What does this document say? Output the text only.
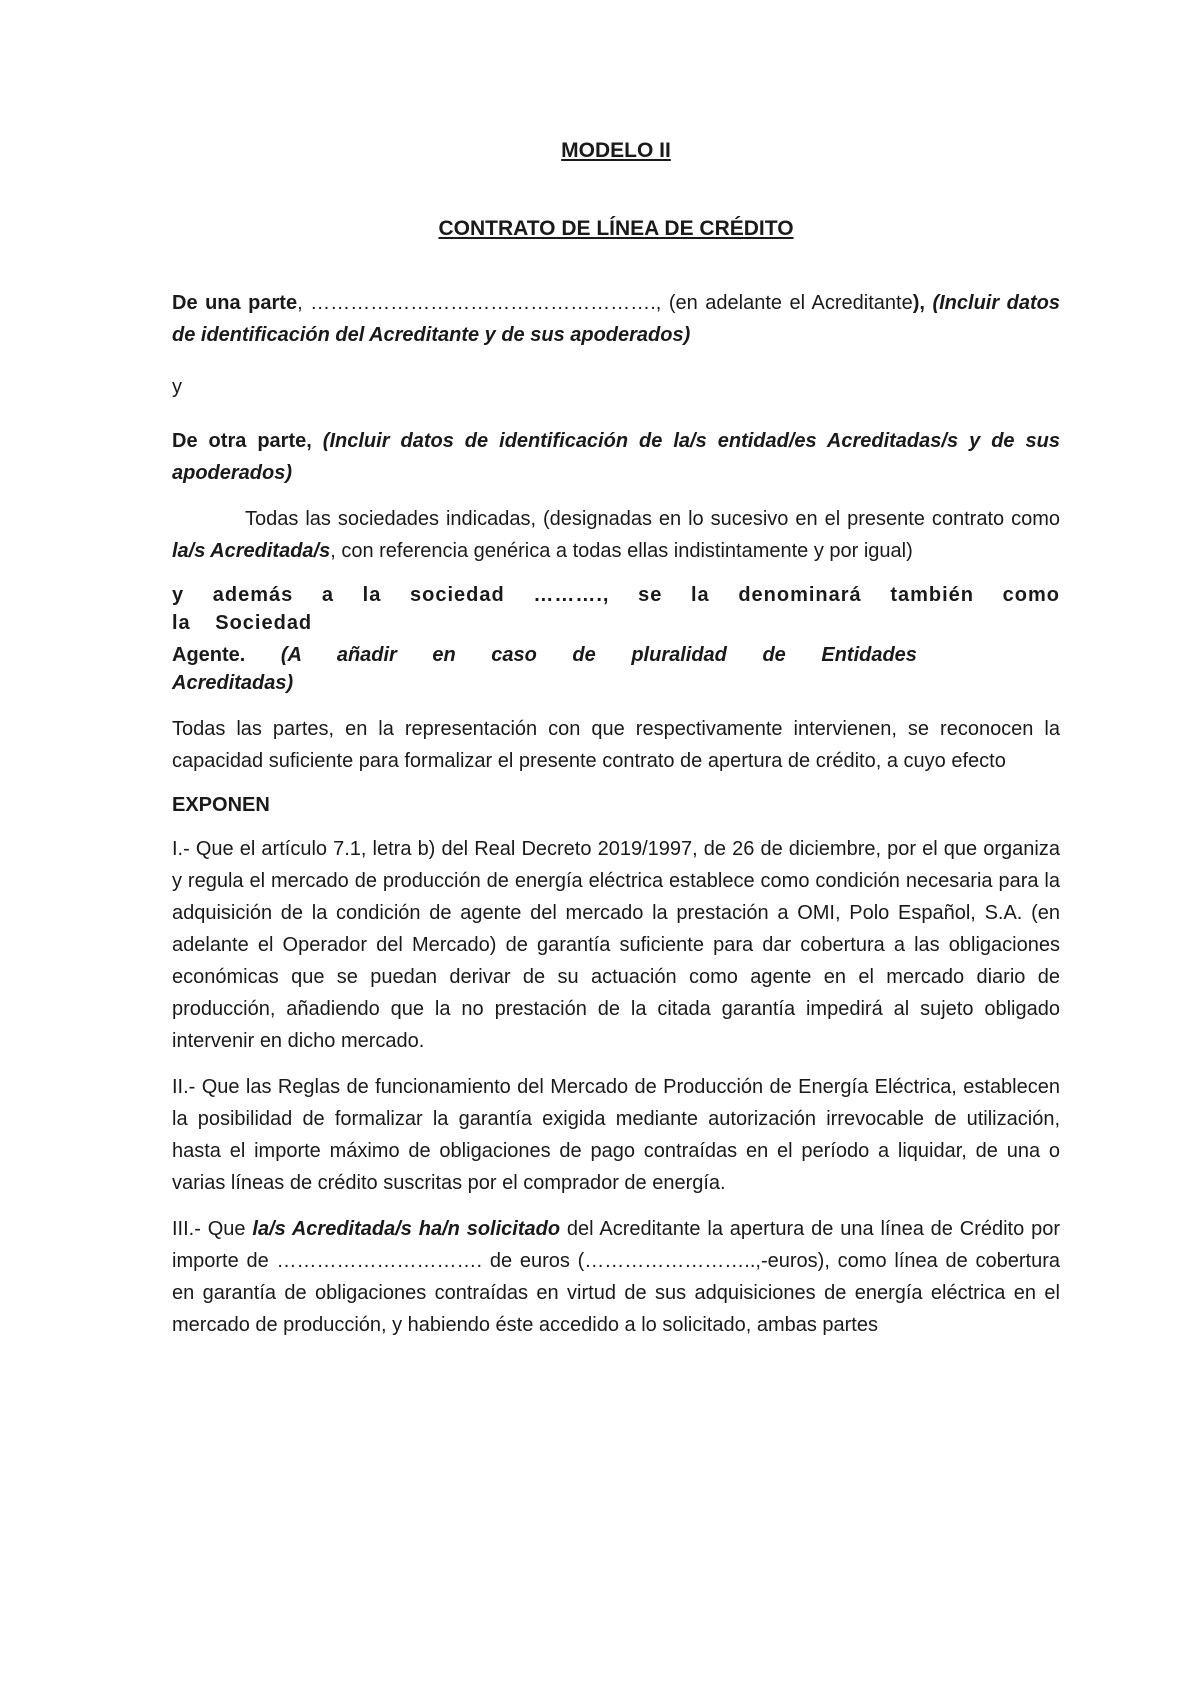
MODELO II
CONTRATO DE LÍNEA DE CRÉDITO

De una parte, ……………………………………………., (en adelante el Acreditante), (Incluir datos de identificación del Acreditante y de sus apoderados)

y

De otra parte, (Incluir datos de identificación de la/s entidad/es Acreditadas/s y de sus apoderados)

Todas las sociedades indicadas, (designadas en lo sucesivo en el presente contrato como la/s Acreditada/s, con referencia genérica a todas ellas indistintamente y por igual)

y además a la sociedad ………., se la denominará también como la Sociedad

Agente. (A añadir en caso de pluralidad de Entidades Acreditadas)

Todas las partes, en la representación con que respectivamente intervienen, se reconocen la capacidad suficiente para formalizar el presente contrato de apertura de crédito, a cuyo efecto

EXPONEN

I.- Que el artículo 7.1, letra b) del Real Decreto 2019/1997, de 26 de diciembre, por el que organiza y regula el mercado de producción de energía eléctrica establece como condición necesaria para la adquisición de la condición de agente del mercado la prestación a OMI, Polo Español, S.A. (en adelante el Operador del Mercado) de garantía suficiente para dar cobertura a las obligaciones económicas que se puedan derivar de su actuación como agente en el mercado diario de producción, añadiendo que la no prestación de la citada garantía impedirá al sujeto obligado intervenir en dicho mercado.

II.- Que las Reglas de funcionamiento del Mercado de Producción de Energía Eléctrica, establecen la posibilidad de formalizar la garantía exigida mediante autorización irrevocable de utilización, hasta el importe máximo de obligaciones de pago contraídas en el período a liquidar, de una o varias líneas de crédito suscritas por el comprador de energía.

III.- Que la/s Acreditada/s ha/n solicitado del Acreditante la apertura de una línea de Crédito por importe de …………………………. de euros (……………………..,-euros), como línea de cobertura en garantía de obligaciones contraídas en virtud de sus adquisiciones de energía eléctrica en el mercado de producción, y habiendo éste accedido a lo solicitado, ambas partes
